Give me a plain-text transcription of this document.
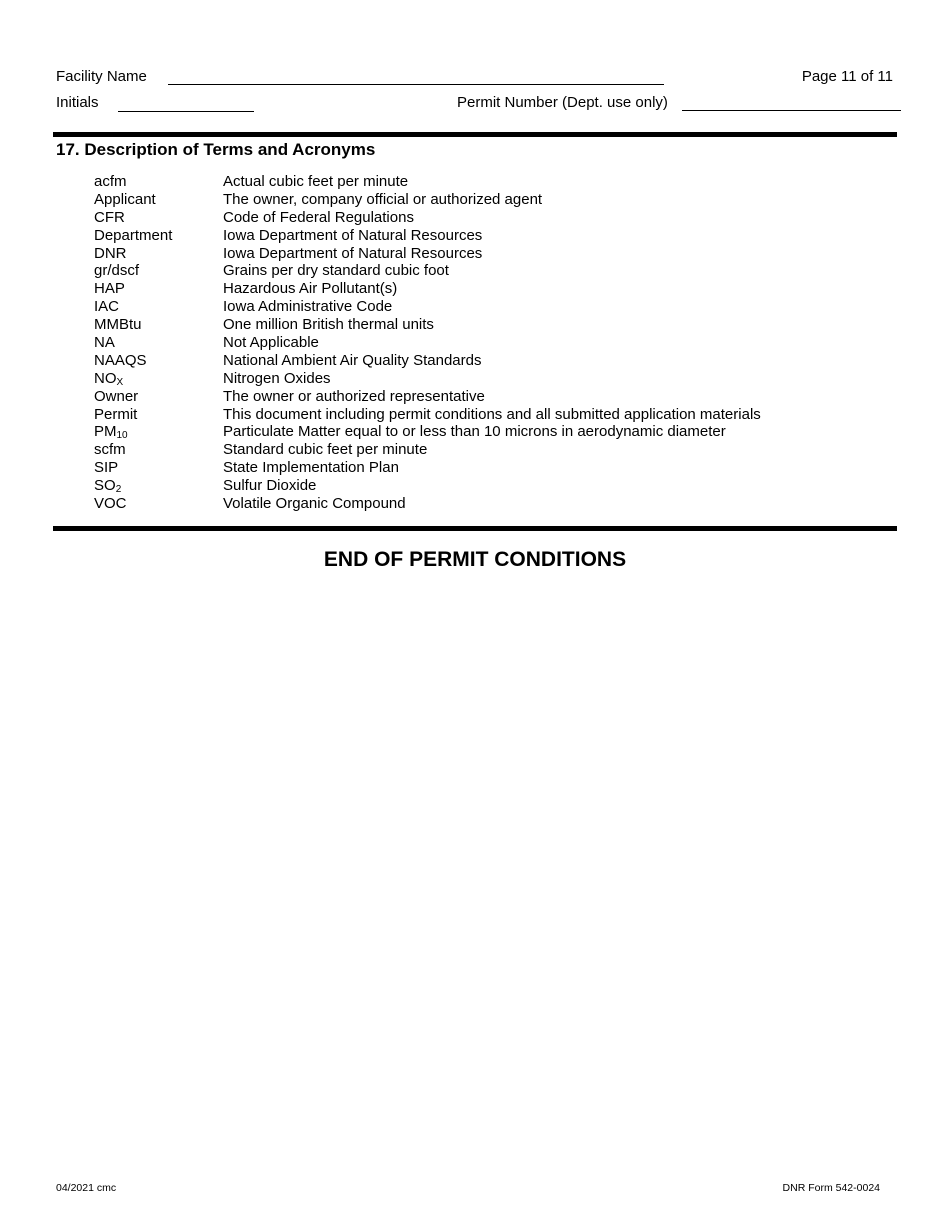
Facility Name	Page 11 of 11
Initials	Permit Number (Dept. use only)
17. Description of Terms and Acronyms
acfm	Actual cubic feet per minute
Applicant	The owner, company official or authorized agent
CFR	Code of Federal Regulations
Department	Iowa Department of Natural Resources
DNR	Iowa Department of Natural Resources
gr/dscf	Grains per dry standard cubic foot
HAP	Hazardous Air Pollutant(s)
IAC	Iowa Administrative Code
MMBtu	One million British thermal units
NA	Not Applicable
NAAQS	National Ambient Air Quality Standards
$NO_X$	Nitrogen Oxides
Owner	The owner or authorized representative
Permit	This document including permit conditions and all submitted application materials
$PM_{10}$	Particulate Matter equal to or less than 10 microns in aerodynamic diameter
scfm	Standard cubic feet per minute
SIP	State Implementation Plan
$SO_2$	Sulfur Dioxide
VOC	Volatile Organic Compound
END OF PERMIT CONDITIONS
04/2021 cmc	DNR Form 542-0024
